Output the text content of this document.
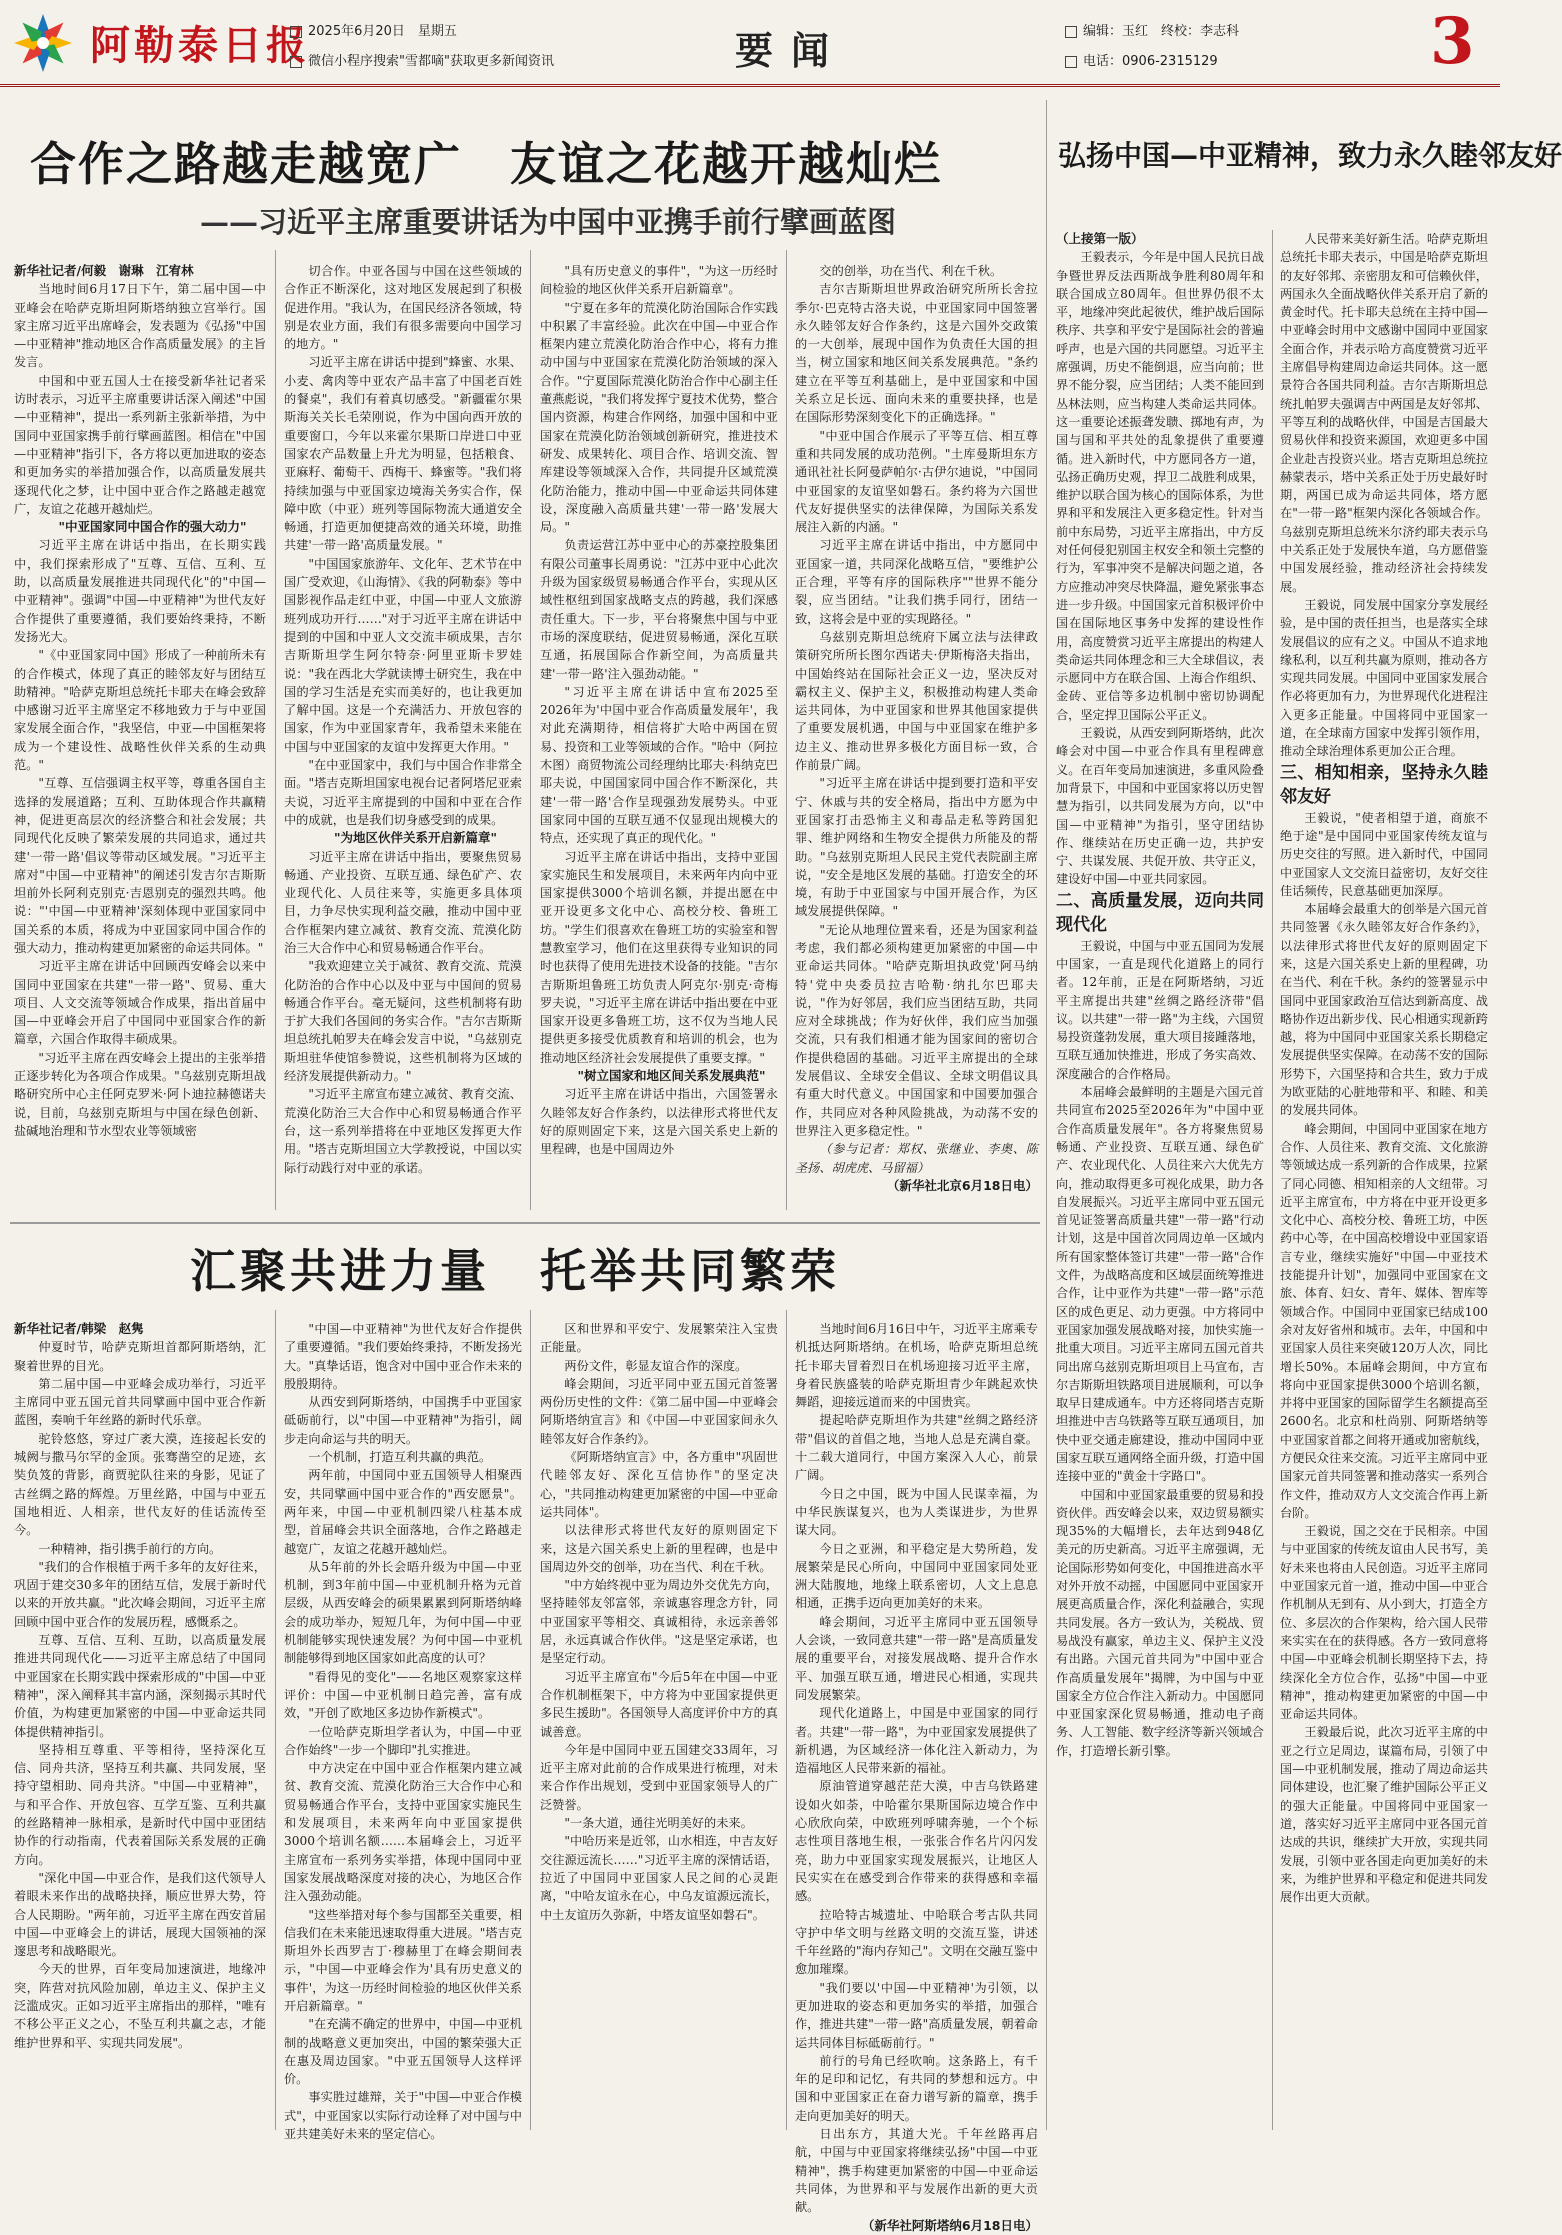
阿勒泰日报
2025年6月20日　星期五
微信小程序搜索"雪都嘀"获取更多新闻资讯	要闻	编辑：玉红　终校：李志科
电话：0906-2315129	3
合作之路越走越宽广　友谊之花越开越灿烂
——习近平主席重要讲话为中国中亚携手前行擘画蓝图
弘扬中国—中亚精神，致力永久睦邻友好

新华社记者/何毅　谢琳　江宥林

当地时间6月17日下午，第二届中国—中亚峰会在哈萨克斯坦阿斯塔纳独立宫举行。国家主席习近平出席峰会，发表题为《弘扬"中国—中亚精神"推动地区合作高质量发展》的主旨发言。

中国和中亚五国人士在接受新华社记者采访时表示，习近平主席重要讲话深入阐述"中国—中亚精神"，提出一系列新主张新举措，为中国同中亚国家携手前行擘画蓝图。相信在"中国—中亚精神"指引下，各方将以更加进取的姿态和更加务实的举措加强合作，以高质量发展共逐现代化之梦，让中国中亚合作之路越走越宽广，友谊之花越开越灿烂。

"中亚国家同中国合作的强大动力"

习近平主席在讲话中指出，在长期实践中，我们探索形成了"互尊、互信、互利、互助，以高质量发展推进共同现代化"的"中国—中亚精神"。强调"中国—中亚精神"为世代友好合作提供了重要遵循，我们要始终秉持，不断发扬光大。

"《中亚国家同中国》形成了一种前所未有的合作模式，体现了真正的睦邻友好与团结互助精神。"哈萨克斯坦总统托卡耶夫在峰会致辞中感谢习近平主席坚定不移地致力于与中亚国家发展全面合作，"我坚信，中亚—中国框架将成为一个建设性、战略性伙伴关系的生动典范。"

"互尊、互信强调主权平等，尊重各国自主选择的发展道路；互利、互助体现合作共赢精神，促进更高层次的经济整合和社会发展；共同现代化反映了繁荣发展的共同追求，通过共建'一带一路'倡议等带动区域发展。"习近平主席对"中国—中亚精神"的阐述引发吉尔吉斯斯坦前外长阿利克别克·吉恩别克的强烈共鸣。他说："'中国—中亚精神'深刻体现中亚国家同中国关系的本质，将成为中亚国家同中国合作的强大动力，推动构建更加紧密的命运共同体。"

习近平主席在讲话中回顾西安峰会以来中国同中亚国家在共建"一带一路"、贸易、重大项目、人文交流等领域合作成果，指出首届中国—中亚峰会开启了中国同中亚国家合作的新篇章，六国合作取得丰硕成果。

"习近平主席在西安峰会上提出的主张举措正逐步转化为各项合作成果。"乌兹别克斯坦战略研究所中心主任阿克罗米·阿卜迪拉赫德诺夫说，目前，乌兹别克斯坦与中国在绿色创新、盐碱地治理和节水型农业等领域密

切合作。中亚各国与中国在这些领域的合作正不断深化，这对地区发展起到了积极促进作用。"我认为，在国民经济各领域，特别是农业方面，我们有很多需要向中国学习的地方。"

习近平主席在讲话中提到"蜂蜜、水果、小麦、禽肉等中亚农产品丰富了中国老百姓的餐桌"，我们有着真切感受。"新疆霍尔果斯海关关长毛荣刚说，作为中国向西开放的重要窗口，今年以来霍尔果斯口岸进口中亚国家农产品数量上升尤为明显，包括粮食、亚麻籽、葡萄干、西梅干、蜂蜜等。"我们将持续加强与中亚国家边境海关务实合作，保障中欧（中亚）班列等国际物流大通道安全畅通，打造更加便捷高效的通关环境，助推共建'一带一路'高质量发展。"

"中国国家旅游年、文化年、艺术节在中国广受欢迎，《山海情》、《我的阿勒泰》等中国影视作品走红中亚，中国—中亚人文旅游班列成功开行……"对于习近平主席在讲话中提到的中国和中亚人文交流丰硕成果，吉尔吉斯斯坦学生阿尔特奈·阿里亚斯卡罗娃说："我在西北大学就读博士研究生，我在中国的学习生活是充实而美好的，也让我更加了解中国。这是一个充满活力、开放包容的国家，作为中亚国家青年，我希望未来能在中国与中亚国家的友谊中发挥更大作用。"

"在中亚国家中，我们与中国合作非常全面。"塔吉克斯坦国家电视台记者阿塔尼亚索夫说，习近平主席提到的中国和中亚在合作中的成就，也是我们切身感受到的成果。

"为地区伙伴关系开启新篇章"

习近平主席在讲话中指出，要聚焦贸易畅通、产业投资、互联互通、绿色矿产、农业现代化、人员往来等，实施更多具体项目，力争尽快实现利益交融，推动中国中亚合作框架内建立减贫、教育交流、荒漠化防治三大合作中心和贸易畅通合作平台。

"我欢迎建立关于减贫、教育交流、荒漠化防治的合作中心以及中亚与中国间的贸易畅通合作平台。毫无疑问，这些机制将有助于扩大我们各国间的务实合作。"吉尔吉斯斯坦总统扎帕罗夫在峰会发言中说，"乌兹别克斯坦驻华使馆参赞说，这些机制将为区域的经济发展提供新动力。"

"习近平主席宣布建立减贫、教育交流、荒漠化防治三大合作中心和贸易畅通合作平台，这一系列举措将在中亚地区发挥更大作用。"塔吉克斯坦国立大学教授说，中国以实际行动践行对中亚的承诺。

"具有历史意义的事件"，"为这一历经时间检验的地区伙伴关系开启新篇章"。

"宁夏在多年的荒漠化防治国际合作实践中积累了丰富经验。此次在中国—中亚合作框架内建立荒漠化防治合作中心，将有力推动中国与中亚国家在荒漠化防治领域的深入合作。"宁夏国际荒漠化防治合作中心副主任董燕彪说，"我们将发挥宁夏技术优势，整合国内资源，构建合作网络，加强中国和中亚国家在荒漠化防治领域创新研究，推进技术研发、成果转化、项目合作、培训交流、智库建设等领域深入合作，共同提升区域荒漠化防治能力，推动中国—中亚命运共同体建设，深度融入高质量共建'一带一路'发展大局。"

负责运营江苏中亚中心的苏豪控股集团有限公司董事长周勇说："江苏中亚中心此次升级为国家级贸易畅通合作平台，实现从区域性枢纽到国家战略支点的跨越，我们深感责任重大。下一步，平台将聚焦中国与中亚市场的深度联结，促进贸易畅通，深化互联互通，拓展国际合作新空间，为高质量共建'一带一路'注入强劲动能。"

"习近平主席在讲话中宣布2025至2026年为'中国中亚合作高质量发展年'，我对此充满期待，相信将扩大哈中两国在贸易、投资和工业等领域的合作。"哈中（阿拉木图）商贸物流公司经理纳比耶夫·科纳克巴耶夫说，中国国家同中国合作不断深化，共建'一带一路'合作呈现强劲发展势头。中亚国家同中国的互联互通不仅显现出规模大的特点，还实现了真正的现代化。"

习近平主席在讲话中指出，支持中亚国家实施民生和发展项目，未来两年内向中亚国家提供3000个培训名额，并提出愿在中亚开设更多文化中心、高校分校、鲁班工坊。"学生们很喜欢在鲁班工坊的实验室和智慧教室学习，他们在这里获得专业知识的同时也获得了使用先进技术设备的技能。"吉尔吉斯斯坦鲁班工坊负责人阿克尔·别克·奇梅罗夫说，"习近平主席在讲话中指出要在中亚国家开设更多鲁班工坊，这不仅为当地人民提供更多接受优质教育和培训的机会，也为推动地区经济社会发展提供了重要支撑。"

"树立国家和地区间关系发展典范"

习近平主席在讲话中指出，六国签署永久睦邻友好合作条约，以法律形式将世代友好的原则固定下来，这是六国关系史上新的里程碑，也是中国周边外

交的创举，功在当代、利在千秋。

吉尔吉斯斯坦世界政治研究所所长舍拉季尔·巴克特古洛夫说，中亚国家同中国签署永久睦邻友好合作条约，这是六国外交政策的一大创举，展现中国作为负责任大国的担当，树立国家和地区间关系发展典范。"条约建立在平等互利基础上，是中亚国家和中国关系立足长远、面向未来的重要抉择，也是在国际形势深刻变化下的正确选择。"

"中亚中国合作展示了平等互信、相互尊重和共同发展的成功范例。"土库曼斯坦东方通讯社社长阿曼萨帕尔·古伊尔迪说，"中国同中亚国家的友谊坚如磐石。条约将为六国世代友好提供坚实的法律保障，为国际关系发展注入新的内涵。"

习近平主席在讲话中指出，中方愿同中亚国家一道，共同深化战略互信，"要维护公正合理，平等有序的国际秩序""世界不能分裂，应当团结。"让我们携手同行，团结一致，这将会是中亚的实现路径。"

乌兹别克斯坦总统府下属立法与法律政策研究所所长图尔西诺夫·伊斯梅洛夫指出，中国始终站在国际社会正义一边，坚决反对霸权主义、保护主义，积极推动构建人类命运共同体，为中亚国家和世界其他国家提供了重要发展机遇，中国与中亚国家在维护多边主义、推动世界多极化方面目标一致，合作前景广阔。

"习近平主席在讲话中提到要打造和平安宁、休戚与共的安全格局，指出中方愿为中亚国家打击恐怖主义和毒品走私等跨国犯罪、维护网络和生物安全提供力所能及的帮助。"乌兹别克斯坦人民民主党代表院副主席说，"安全是地区发展的基础。打造安全的环境，有助于中亚国家与中国开展合作，为区域发展提供保障。"

"无论从地理位置来看，还是为国家利益考虑，我们都必须构建更加紧密的中国—中亚命运共同体。"哈萨克斯坦执政党'阿马纳特'党中央委员拉吉哈勒·纳扎尔巴耶夫说，"作为好邻居，我们应当团结互助，共同应对全球挑战；作为好伙伴，我们应当加强交流，只有我们相通才能为国家间的密切合作提供稳固的基础。习近平主席提出的全球发展倡议、全球安全倡议、全球文明倡议具有重大时代意义。中国国家和中国要加强合作，共同应对各种风险挑战，为动荡不安的世界注入更多稳定性。"

（参与记者：郑权、张继业、李奥、陈圣扬、胡虎虎、马留福）

（新华社北京6月18日电）

（上接第一版）

王毅表示，今年是中国人民抗日战争暨世界反法西斯战争胜利80周年和联合国成立80周年。但世界仍很不太平，地缘冲突此起彼伏，维护战后国际秩序、共享和平安宁是国际社会的普遍呼声，也是六国的共同愿望。习近平主席强调，历史不能倒退，应当向前；世界不能分裂，应当团结；人类不能回到丛林法则，应当构建人类命运共同体。这一重要论述振聋发聩、掷地有声，为国与国和平共处的乱象提供了重要遵循。进入新时代，中方愿同各方一道，弘扬正确历史观，捍卫二战胜利成果，维护以联合国为核心的国际体系，为世界和平和发展注入更多稳定性。针对当前中东局势，习近平主席指出，中方反对任何侵犯别国主权安全和领土完整的行为，军事冲突不是解决问题之道，各方应推动冲突尽快降温，避免紧张事态进一步升级。中国国家元首积极评价中国在国际地区事务中发挥的建设性作用，高度赞赏习近平主席提出的构建人类命运共同体理念和三大全球倡议，表示愿同中方在联合国、上海合作组织、金砖、亚信等多边机制中密切协调配合，坚定捍卫国际公平正义。

王毅说，从西安到阿斯塔纳，此次峰会对中国—中亚合作具有里程碑意义。在百年变局加速演进，多重风险叠加背景下，中国和中亚国家将以历史智慧为指引，以共同发展为方向，以"中国—中亚精神"为指引，坚守团结协作、继续站在历史正确一边，共护安宁、共谋发展、共促开放、共守正义，建设好中国—中亚共同家园。

二、高质量发展，迈向共同现代化

王毅说，中国与中亚五国同为发展中国家，一直是现代化道路上的同行者。12年前，正是在阿斯塔纳，习近平主席提出共建"丝绸之路经济带"倡议。以共建"一带一路"为主线，六国贸易投资蓬勃发展，重大项目接踵落地，互联互通加快推进，形成了务实高效、深度融合的合作格局。

本届峰会最鲜明的主题是六国元首共同宣布2025至2026年为"中国中亚合作高质量发展年"。各方将聚焦贸易畅通、产业投资、互联互通、绿色矿产、农业现代化、人员往来六大优先方向，推动取得更多可视化成果，助力各自发展振兴。习近平主席同中亚五国元首见证签署高质量共建"一带一路"行动计划，这是中国首次同周边单一区域内所有国家整体签订共建"一带一路"合作文件，为战略高度和区域层面统筹推进合作，让中亚作为共建"一带一路"示范区的成色更足、动力更强。中方将同中亚国家加强发展战略对接，加快实施一批重大项目。习近平主席同五国元首共同出席乌兹别克斯坦项目上马宣布，吉尔吉斯斯坦铁路项目进展顺利，可以争取早日建成通车。中方还将同塔吉克斯坦推进中吉乌铁路等互联互通项目，加快中亚交通走廊建设，推动中国同中亚国家互联互通网络全面升级，打造中国连接中亚的"黄金十字路口"。

中国和中亚国家最重要的贸易和投资伙伴。西安峰会以来，双边贸易额实现35%的大幅增长，去年达到948亿美元的历史新高。习近平主席强调，无论国际形势如何变化，中国推进高水平对外开放不动摇，中国愿同中亚国家开展更高质量合作，深化利益融合，实现共同发展。各方一致认为，关税战、贸易战没有赢家，单边主义、保护主义没有出路。六国元首共同为"中国中亚合作高质量发展年"揭牌，为中国与中亚国家全方位合作注入新动力。中国愿同中亚国家深化贸易畅通，推动电子商务、人工智能、数字经济等新兴领域合作，打造增长新引擎。

人民带来美好新生活。哈萨克斯坦总统托卡耶夫表示，中国是哈萨克斯坦的友好邻邦、亲密朋友和可信赖伙伴，两国永久全面战略伙伴关系开启了新的黄金时代。托卡耶夫总统在主持中国—中亚峰会时用中文感谢中国同中亚国家全面合作，并表示哈方高度赞赏习近平主席倡导构建周边命运共同体。这一愿景符合各国共同利益。吉尔吉斯斯坦总统扎帕罗夫强调吉中两国是友好邻邦、平等互利的战略伙伴，中国是吉国最大贸易伙伴和投资来源国，欢迎更多中国企业赴吉投资兴业。塔吉克斯坦总统拉赫蒙表示，塔中关系正处于历史最好时期，两国已成为命运共同体，塔方愿在"一带一路"框架内深化各领域合作。乌兹别克斯坦总统米尔济约耶夫表示乌中关系正处于发展快车道，乌方愿借鉴中国发展经验，推动经济社会持续发展。

王毅说，同发展中国家分享发展经验，是中国的责任担当，也是落实全球发展倡议的应有之义。中国从不追求地缘私利，以互利共赢为原则，推动各方实现共同发展。中国同中亚国家发展合作必将更加有力，为世界现代化进程注入更多正能量。中国将同中亚国家一道，在全球南方国家中发挥引领作用，推动全球治理体系更加公正合理。

三、相知相亲，坚持永久睦邻友好

王毅说，"使者相望于道，商旅不绝于途"是中国同中亚国家传统友谊与历史交往的写照。进入新时代，中国同中亚国家人文交流日益密切，友好交往佳话频传，民意基础更加深厚。

本届峰会最重大的创举是六国元首共同签署《永久睦邻友好合作条约》，以法律形式将世代友好的原则固定下来，这是六国关系史上新的里程碑，功在当代、利在千秋。条约的签署显示中国同中亚国家政治互信达到新高度、战略协作迈出新步伐、民心相通实现新跨越，将为中国同中亚国家关系长期稳定发展提供坚实保障。在动荡不安的国际形势下，六国坚持和合共生，致力于成为欧亚陆的心脏地带和平、和睦、和美的发展共同体。

峰会期间，中国同中亚国家在地方合作、人员往来、教育交流、文化旅游等领域达成一系列新的合作成果，拉紧了同心同德、相知相亲的人文纽带。习近平主席宣布，中方将在中亚开设更多文化中心、高校分校、鲁班工坊，中医药中心等，在中国高校增设中亚国家语言专业，继续实施好"中国—中亚技术技能提升计划"，加强同中亚国家在文旅、体育、妇女、青年、媒体、智库等领域合作。中国同中亚国家已结成100余对友好省州和城市。去年，中国和中亚国家人员往来突破120万人次，同比增长50%。本届峰会期间，中方宣布将向中亚国家提供3000个培训名额，并将中亚国家的国际留学生名额提高至2600名。北京和杜尚别、阿斯塔纳等中亚国家首都之间将开通或加密航线，方便民众往来交流。习近平主席同中亚国家元首共同签署和推动落实一系列合作文件，推动双方人文交流合作再上新台阶。

王毅说，国之交在于民相亲。中国与中亚国家的传统友谊由人民书写，美好未来也将由人民创造。习近平主席同中亚国家元首一道，推动中国—中亚合作机制从无到有、从小到大，打造全方位、多层次的合作架构，给六国人民带来实实在在的获得感。各方一致同意将中国—中亚峰会机制长期坚持下去，持续深化全方位合作，弘扬"中国—中亚精神"，推动构建更加紧密的中国—中亚命运共同体。

王毅最后说，此次习近平主席的中亚之行立足周边，谋篇布局，引领了中国—中亚机制发展，推动了周边命运共同体建设，也汇聚了维护国际公平正义的强大正能量。中国将同中亚国家一道，落实好习近平主席同中亚各国元首达成的共识，继续扩大开放，实现共同发展，引领中亚各国走向更加美好的未来，为维护世界和平稳定和促进共同发展作出更大贡献。

汇聚共进力量　托举共同繁荣

新华社记者/韩梁　赵隽

仲夏时节，哈萨克斯坦首都阿斯塔纳，汇聚着世界的目光。

第二届中国—中亚峰会成功举行，习近平主席同中亚五国元首共同擘画中国中亚合作新蓝图，奏响千年丝路的新时代乐章。

驼铃悠悠，穿过广袤大漠，连接起长安的城阙与撒马尔罕的金顶。张骞凿空的足迹，玄奘负笈的背影，商贾驼队往来的身影，见证了古丝绸之路的辉煌。万里丝路，中国与中亚五国地相近、人相亲，世代友好的佳话流传至今。

一种精神，指引携手前行的方向。

"我们的合作根植于两千多年的友好往来，巩固于建交30多年的团结互信，发展于新时代以来的开放共赢。"此次峰会期间，习近平主席回顾中国中亚合作的发展历程，感慨系之。

互尊、互信、互利、互助，以高质量发展推进共同现代化——习近平主席总结了中国同中亚国家在长期实践中探索形成的"中国—中亚精神"，深入阐释其丰富内涵，深刻揭示其时代价值，为构建更加紧密的中国—中亚命运共同体提供精神指引。

坚持相互尊重、平等相待，坚持深化互信、同舟共济，坚持互利共赢、共同发展，坚持守望相助、同舟共济。"中国—中亚精神"，与和平合作、开放包容、互学互鉴、互利共赢的丝路精神一脉相承，是新时代中国中亚团结协作的行动指南，代表着国际关系发展的正确方向。

"深化中国—中亚合作，是我们这代领导人着眼未来作出的战略抉择，顺应世界大势，符合人民期盼。"两年前，习近平主席在西安首届中国—中亚峰会上的讲话，展现大国领袖的深邃思考和战略眼光。

今天的世界，百年变局加速演进，地缘冲突，阵营对抗风险加剧，单边主义、保护主义泛滥成灾。正如习近平主席指出的那样，"唯有不移公平正义之心，不坠互利共赢之志，才能维护世界和平、实现共同发展"。

"中国—中亚精神"为世代友好合作提供了重要遵循。"我们要始终秉持，不断发扬光大。"真挚话语，饱含对中国中亚合作未来的殷殷期待。

从西安到阿斯塔纳，中国携手中亚国家砥砺前行，以"中国—中亚精神"为指引，阔步走向命运与共的明天。

一个机制，打造互利共赢的典范。

两年前，中国同中亚五国领导人相聚西安，共同擘画中国中亚合作的"西安愿景"。两年来，中国—中亚机制四梁八柱基本成型，首届峰会共识全面落地，合作之路越走越宽广，友谊之花越开越灿烂。

从5年前的外长会晤升级为中国—中亚机制，到3年前中国—中亚机制升格为元首层级，从西安峰会的硕果累累到阿斯塔纳峰会的成功举办，短短几年，为何中国—中亚机制能够实现快速发展？为何中国—中亚机制能够得到地区国家如此高度的认可？

"看得见的变化"——名地区观察家这样评价：中国—中亚机制日趋完善，富有成效，"开创了欧地区多边协作新模式"。

一位哈萨克斯坦学者认为，中国—中亚合作始终"一步一个脚印"扎实推进。

中方决定在中国中亚合作框架内建立减贫、教育交流、荒漠化防治三大合作中心和贸易畅通合作平台，支持中亚国家实施民生和发展项目，未来两年向中亚国家提供3000个培训名额……本届峰会上，习近平主席宣布一系列务实举措，体现中国同中亚国家发展战略深度对接的决心，为地区合作注入强劲动能。

"这些举措对每个参与国都至关重要，相信我们在未来能迅速取得重大进展。"塔吉克斯坦外长西罗吉丁·穆赫里丁在峰会期间表示，"中国—中亚峰会作为'具有历史意义的事件'，为这一历经时间检验的地区伙伴关系开启新篇章。"

"在充满不确定的世界中，中国—中亚机制的战略意义更加突出，中国的繁荣强大正在惠及周边国家。"中亚五国领导人这样评价。

事实胜过雄辩，关于"中国—中亚合作模式"，中亚国家以实际行动诠释了对中国与中亚共建美好未来的坚定信心。

区和世界和平安宁、发展繁荣注入宝贵正能量。

两份文件，彰显友谊合作的深度。

峰会期间，习近平同中亚五国元首签署两份历史性的文件：《第二届中国—中亚峰会阿斯塔纳宣言》和《中国—中亚国家间永久睦邻友好合作条约》。

《阿斯塔纳宣言》中，各方重申"巩固世代睦邻友好、深化互信协作"的坚定决心，"共同推动构建更加紧密的中国—中亚命运共同体"。

以法律形式将世代友好的原则固定下来，这是六国关系史上新的里程碑，也是中国周边外交的创举，功在当代、利在千秋。

"中方始终视中亚为周边外交优先方向，坚持睦邻友邻富邻，亲诚惠容理念方针，同中亚国家平等相交、真诚相待，永远亲善邻居，永远真诚合作伙伴。"这是坚定承诺，也是坚定行动。

习近平主席宣布"今后5年在中国—中亚合作机制框架下，中方将为中亚国家提供更多民生援助"。各国领导人高度评价中方的真诚善意。

今年是中国同中亚五国建交33周年，习近平主席对此前的合作成果进行梳理，对未来合作作出规划，受到中亚国家领导人的广泛赞誉。

"一条大道，通往光明美好的未来。

"中哈历来是近邻，山水相连，中吉友好交往源远流长……"习近平主席的深情话语，拉近了中国同中亚国家人民之间的心灵距离，"中哈友谊永在心，中乌友谊源远流长，中土友谊历久弥新，中塔友谊坚如磐石"。

当地时间6月16日中午，习近平主席乘专机抵达阿斯塔纳。在机场，哈萨克斯坦总统托卡耶夫冒着烈日在机场迎接习近平主席，身着民族盛装的哈萨克斯坦青少年跳起欢快舞蹈，迎接远道而来的中国贵宾。

提起哈萨克斯坦作为共建"丝绸之路经济带"倡议的首倡之地，当地人总是充满自豪。十二载大道同行，中国方案深入人心，前景广阔。

今日之中国，既为中国人民谋幸福，为中华民族谋复兴，也为人类谋进步，为世界谋大同。

今日之亚洲，和平稳定是大势所趋，发展繁荣是民心所向，中国同中亚国家同处亚洲大陆腹地，地缘上联系密切，人文上息息相通，正携手迈向更加美好的未来。

峰会期间，习近平主席同中亚五国领导人会谈，一致同意共建"一带一路"是高质量发展的重要平台，对接发展战略、提升合作水平、加强互联互通，增进民心相通，实现共同发展繁荣。

现代化道路上，中国是中亚国家的同行者。共建"一带一路"，为中亚国家发展提供了新机遇，为区域经济一体化注入新动力，为造福地区人民带来新的福祉。

原油管道穿越茫茫大漠，中吉乌铁路建设如火如荼，中哈霍尔果斯国际边境合作中心欣欣向荣，中欧班列呼啸奔驰，一个个标志性项目落地生根，一张张合作名片闪闪发亮，助力中亚国家实现发展振兴，让地区人民实实在在感受到合作带来的获得感和幸福感。

拉哈特古城遗址、中哈联合考古队共同守护中华文明与丝路文明的交流互鉴，讲述千年丝路的"海内存知己"。文明在交融互鉴中愈加璀璨。

"我们要以'中国—中亚精神'为引领，以更加进取的姿态和更加务实的举措，加强合作，推进共建"一带一路"高质量发展，朝着命运共同体目标砥砺前行。"

前行的号角已经吹响。这条路上，有千年的足印和记忆，有共同的梦想和远方。中国和中亚国家正在奋力谱写新的篇章，携手走向更加美好的明天。

日出东方，其道大光。千年丝路再启航，中国与中亚国家将继续弘扬"中国—中亚精神"，携手构建更加紧密的中国—中亚命运共同体，为世界和平与发展作出新的更大贡献。

（新华社阿斯塔纳6月18日电）
